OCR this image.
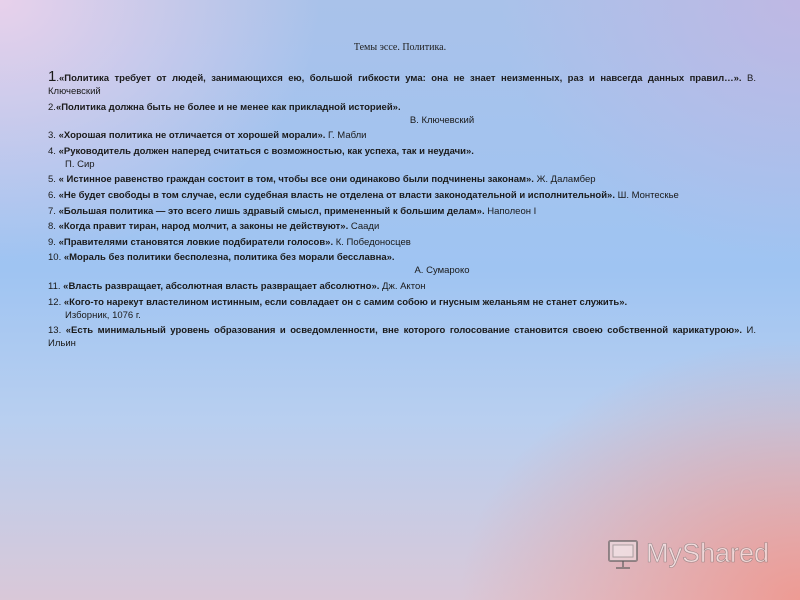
Темы эссе. Политика.
1.«Политика требует от людей, занимающихся ею, большой гибкости ума: она не знает неизменных, раз и навсегда данных правил…». В. Ключевский
2.«Политика должна быть не более и не менее как прикладной историей».
В. Ключевский
3. «Хорошая политика не отличается от хорошей морали». Г. Мабли
4. «Руководитель должен наперед считаться с возможностью, как успеха, так и неудачи».
П. Сир
5. « Истинное равенство граждан состоит в том, чтобы все они одинаково были подчинены законам». Ж. Даламбер
6. «Не будет свободы в том случае, если судебная власть не отделена от власти законодательной и исполнительной». Ш. Монтескье
7. «Большая политика — это всего лишь здравый смысл, примененный к большим делам». Наполеон I
8. «Когда правит тиран, народ молчит, а законы не действуют». Саади
9. «Правителями становятся ловкие подбиратели голосов». К. Победоносцев
10. «Мораль без политики бесполезна, политика без морали бесславна».
А. Сумароко
11. «Власть развращает, абсолютная власть развращает абсолютно». Дж. Актон
12. «Кого-то нарекут властелином истинным, если совладает он с самим собою и гнусным желаньям не станет служить».
Изборник, 1076 г.
13. «Есть минимальный уровень образования и осведомленности, вне которого голосование становится своею собственной карикатурою». И. Ильин
MyShared
